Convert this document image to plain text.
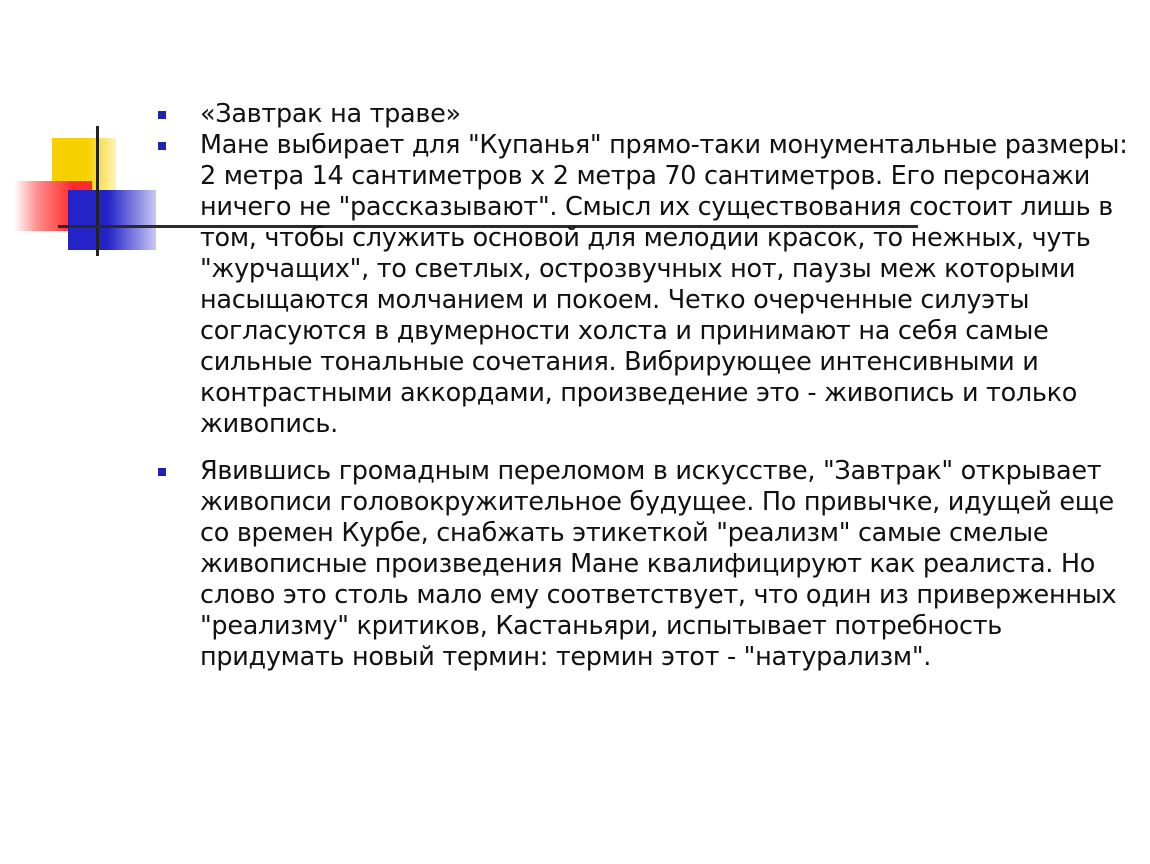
«Завтрак на траве»
Мане выбирает для "Купанья" прямо-таки монументальные размеры: 2 метра 14 сантиметров х 2 метра 70 сантиметров. Его персонажи ничего не "рассказывают". Смысл их существования состоит лишь в том, чтобы служить основой для мелодии красок, то нежных, чуть "журчащих", то светлых, острозвучных нот, паузы меж которыми насыщаются молчанием и покоем. Четко очерченные силуэты согласуются в двумерности холста и принимают на себя самые сильные тональные сочетания. Вибрирующее интенсивными и контрастными аккордами, произведение это - живопись и только живопись.
Явившись громадным переломом в искусстве, "Завтрак" открывает живописи головокружительное будущее. По привычке, идущей еще со времен Курбе, снабжать этикеткой "реализм" самые смелые живописные произведения Мане квалифицируют как реалиста. Но слово это столь мало ему соответствует, что один из приверженных "реализму" критиков, Кастаньяри, испытывает потребность придумать новый термин: термин этот - "натурализм".
